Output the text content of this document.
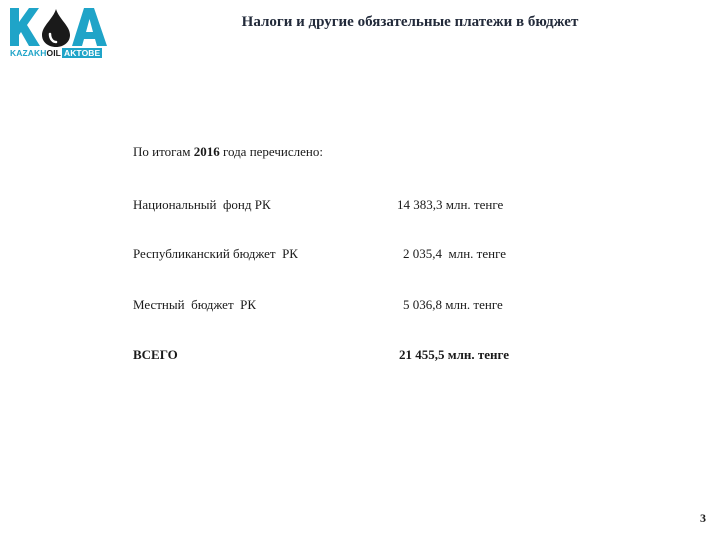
KAZAKHOIL AKTOBE
Налоги и другие обязательные платежи в бюджет
По итогам 2016 года перечислено:
Национальный  фонд РК	14 383,3 млн. тенге
Республиканский бюджет  РК	2 035,4  млн. тенге
Местный  бюджет  РК	5 036,8 млн. тенге
ВСЕГО	21 455,5 млн. тенге
3
